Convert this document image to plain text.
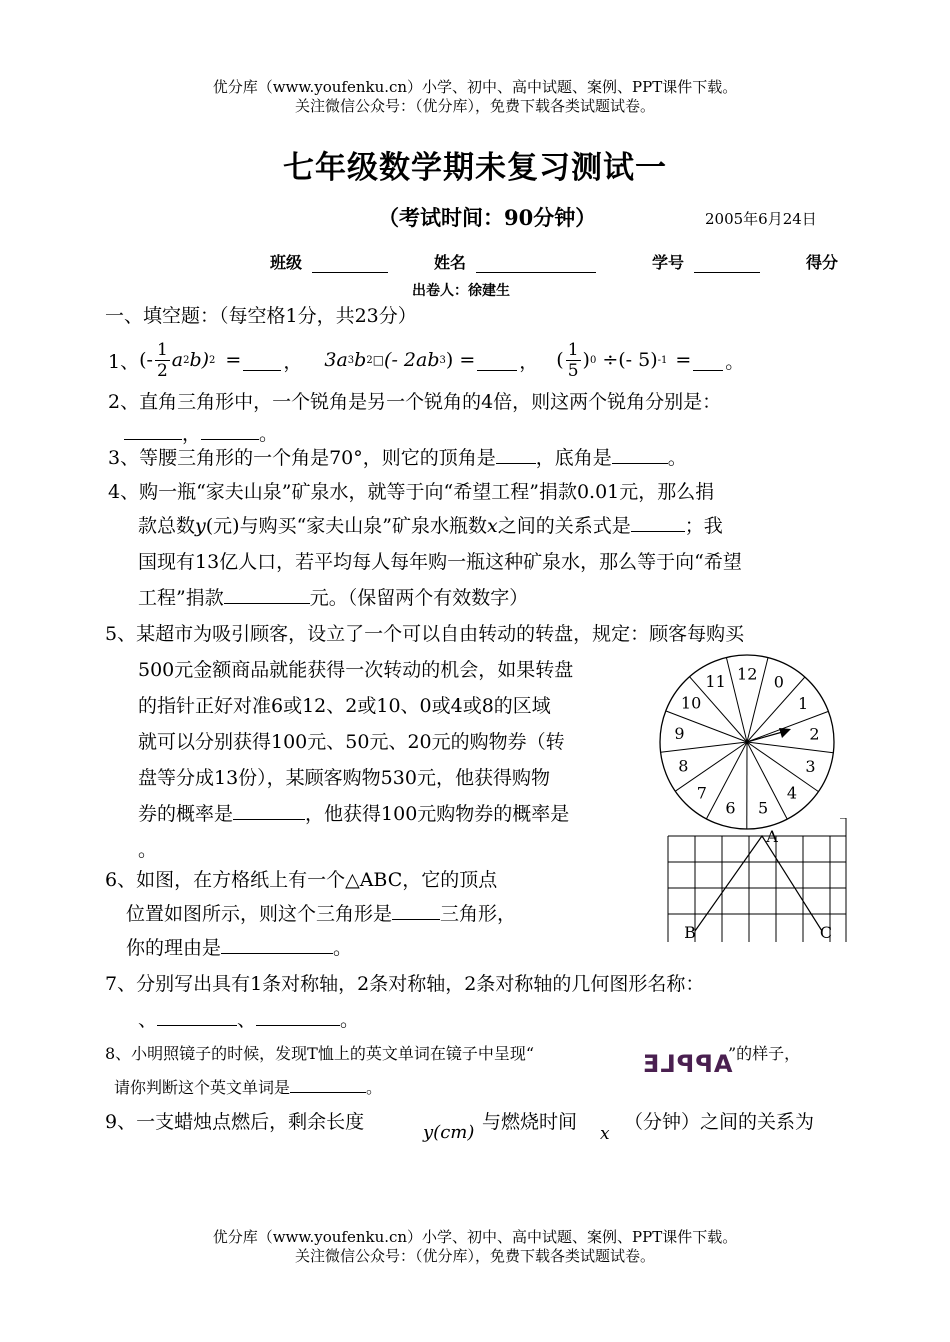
优分库（www.youfenku.cn）小学、初中、高中试题、案例、PPT课件下载。
关注微信公众号：（优分库），免费下载各类试题试卷。
七年级数学期未复习测试一
（考试时间：90分钟）	2005年6月24日
班级	姓名	学号	得分
出卷人：徐建生
一、填空题：（每空格1分，共23分）
1、 (- $\frac{1}{2}$ a 2 b) 2 = ， 3a 3 b 2 □ (- 2ab 3 ) = ， ( $\frac{1}{5}$ ) 0 ÷(- 5) -1 = 。
2、直角三角形中，一个锐角是另一个锐角的4倍，则这两个锐角分别是：
，	。
3、等腰三角形的一个角是70°，则它的顶角是 ，底角是	。
4、购一瓶“家夫山泉”矿泉水，就等于向“希望工程”捐款0.01元，那么捐
款总数y(元)与购买“家夫山泉”矿泉水瓶数x之间的关系式是	；我
国现有13亿人口，若平均每人每年购一瓶这种矿泉水，那么等于向“希望
工程”捐款	元。（保留两个有效数字）
5、某超市为吸引顾客，设立了一个可以自由转动的转盘，规定：顾客每购买
500元金额商品就能获得一次转动的机会，如果转盘
的指针正好对准6或12、2或10、0或4或8的区域
就可以分别获得100元、50元、20元的购物券（转
盘等分成13份），某顾客购物530元，他获得购物
券的概率是	，他获得100元购物券的概率是
。
0
1
2
3
4
5
6
7
8
9
10
11 12
6、如图，在方格纸上有一个△ABC，它的顶点
位置如图所示，则这个三角形是	三角形，
你的理由是	。
A
B	C
7、分别写出具有1条对称轴，2条对称轴，2条对称轴的几何图形名称：
、	、	。
8、小明照镜子的时候，发现T恤上的英文单词在镜子中呈现“	APPLE
”的样子，
请你判断这个英文单词是	。
9、一支蜡烛点燃后，剩余长度	y(cm) 与燃烧时间
x
（分钟）之间的关系为
优分库（www.youfenku.cn）小学、初中、高中试题、案例、PPT课件下载。
关注微信公众号：（优分库），免费下载各类试题试卷。
